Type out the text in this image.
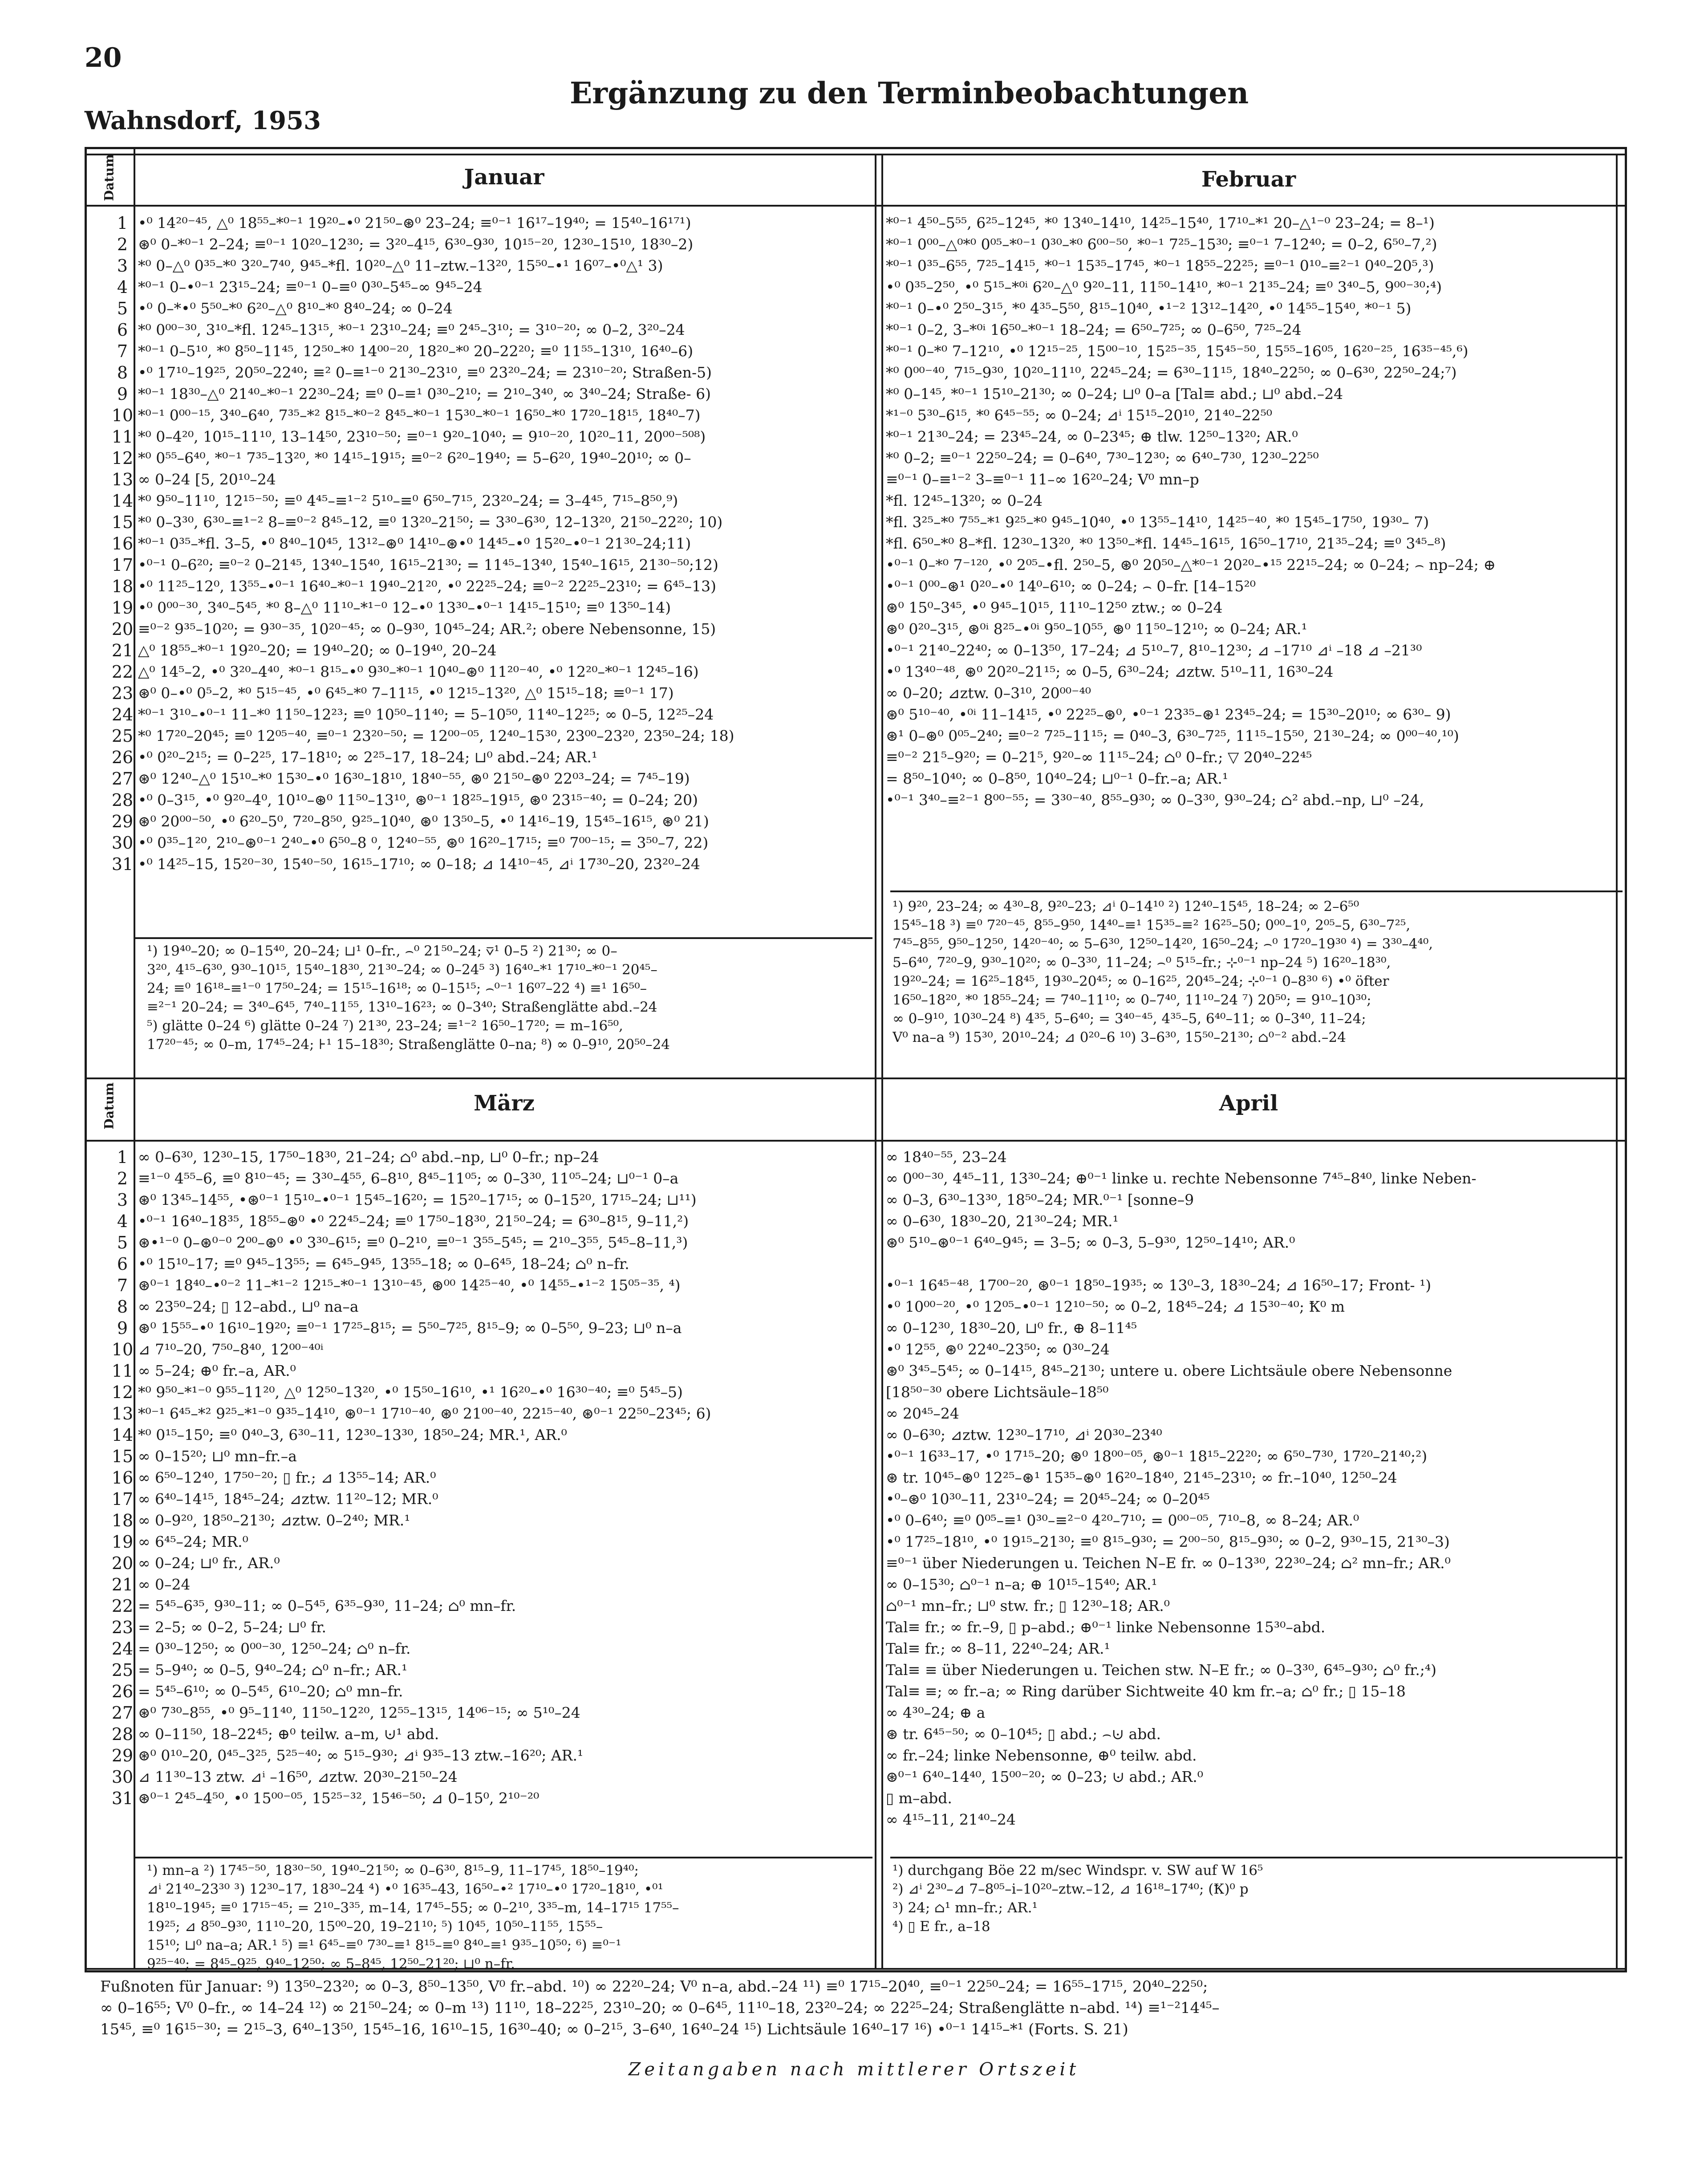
20
Wahnsdorf, 1953
Ergänzung zu den Terminbeobachtungen
Datum
Datum
Januar	Februar
März	April
1
2
3
4
5
6
7
8
9
10
11
12
13
14
15
16
17
18
19
20
21
22
23
24
25
26
27
28
29
30
31
1
2
3
4
5
6
7
8
9
10
11
12
13
14
15
16
17
18
19
20
21
22
23
24
25
26
27
28
29
30
31
•⁰ 14²⁰⁻⁴⁵, △⁰ 18⁵⁵–*⁰⁻¹ 19²⁰–•⁰ 21⁵⁰–⊛⁰ 23–24; ≡⁰⁻¹ 16¹⁷–19⁴⁰; = 15⁴⁰–16¹⁷¹)
⊛⁰ 0–*⁰⁻¹ 2–24; ≡⁰⁻¹ 10²⁰–12³⁰; = 3²⁰–4¹⁵, 6³⁰–9³⁰, 10¹⁵⁻²⁰, 12³⁰–15¹⁰, 18³⁰–2)
*⁰ 0–△⁰ 0³⁵–*⁰ 3²⁰–7⁴⁰, 9⁴⁵–*fl. 10²⁰–△⁰ 11–ztw.–13²⁰, 15⁵⁰–•¹ 16⁰⁷–•⁰△¹ 3)
*⁰⁻¹ 0–•⁰⁻¹ 23¹⁵–24; ≡⁰⁻¹ 0–≡⁰ 0³⁰–5⁴⁵–∞ 9⁴⁵–24
•⁰ 0–*•⁰ 5⁵⁰–*⁰ 6²⁰–△⁰ 8¹⁰–*⁰ 8⁴⁰–24; ∞ 0–24
*⁰ 0⁰⁰⁻³⁰, 3¹⁰–*fl. 12⁴⁵–13¹⁵, *⁰⁻¹ 23¹⁰–24; ≡⁰ 2⁴⁵–3¹⁰; = 3¹⁰⁻²⁰; ∞ 0–2, 3²⁰–24
*⁰⁻¹ 0–5¹⁰, *⁰ 8⁵⁰–11⁴⁵, 12⁵⁰–*⁰ 14⁰⁰⁻²⁰, 18²⁰–*⁰ 20–22²⁰; ≡⁰ 11⁵⁵–13¹⁰, 16⁴⁰–6)
•⁰ 17¹⁰–19²⁵, 20⁵⁰–22⁴⁰; ≡² 0–≡¹⁻⁰ 21³⁰–23¹⁰, ≡⁰ 23²⁰–24; = 23¹⁰⁻²⁰; Straßen-5)
*⁰⁻¹ 18³⁰–△⁰ 21⁴⁰–*⁰⁻¹ 22³⁰–24; ≡⁰ 0–≡¹ 0³⁰–2¹⁰; = 2¹⁰–3⁴⁰, ∞ 3⁴⁰–24; Straße- 6)
*⁰⁻¹ 0⁰⁰⁻¹⁵, 3⁴⁰–6⁴⁰, 7³⁵–*² 8¹⁵–*⁰⁻² 8⁴⁵–*⁰⁻¹ 15³⁰–*⁰⁻¹ 16⁵⁰–*⁰ 17²⁰–18¹⁵, 18⁴⁰–7)
*⁰ 0–4²⁰, 10¹⁵–11¹⁰, 13–14⁵⁰, 23¹⁰⁻⁵⁰; ≡⁰⁻¹ 9²⁰–10⁴⁰; = 9¹⁰⁻²⁰, 10²⁰–11, 20⁰⁰⁻⁵⁰⁸)
*⁰ 0⁵⁵–6⁴⁰, *⁰⁻¹ 7³⁵–13²⁰, *⁰ 14¹⁵–19¹⁵; ≡⁰⁻² 6²⁰–19⁴⁰; = 5–6²⁰, 19⁴⁰–20¹⁰; ∞ 0–
∞ 0–24 [5, 20¹⁰–24
*⁰ 9⁵⁰–11¹⁰, 12¹⁵⁻⁵⁰; ≡⁰ 4⁴⁵–≡¹⁻² 5¹⁰–≡⁰ 6⁵⁰–7¹⁵, 23²⁰–24; = 3–4⁴⁵, 7¹⁵–8⁵⁰,⁹)
*⁰ 0–3³⁰, 6³⁰–≡¹⁻² 8–≡⁰⁻² 8⁴⁵–12, ≡⁰ 13²⁰–21⁵⁰; = 3³⁰–6³⁰, 12–13²⁰, 21⁵⁰–22²⁰; 10)
*⁰⁻¹ 0³⁵–*fl. 3–5, •⁰ 8⁴⁰–10⁴⁵, 13¹²–⊛⁰ 14¹⁰–⊛•⁰ 14⁴⁵–•⁰ 15²⁰–•⁰⁻¹ 21³⁰–24;11)
•⁰⁻¹ 0–6²⁰; ≡⁰⁻² 0–21⁴⁵, 13⁴⁰–15⁴⁰, 16¹⁵–21³⁰; = 11⁴⁵–13⁴⁰, 15⁴⁰–16¹⁵, 21³⁰⁻⁵⁰;12)
•⁰ 11²⁵–12⁰, 13⁵⁵–•⁰⁻¹ 16⁴⁰–*⁰⁻¹ 19⁴⁰–21²⁰, •⁰ 22²⁵–24; ≡⁰⁻² 22²⁵–23¹⁰; = 6⁴⁵–13)
•⁰ 0⁰⁰⁻³⁰, 3⁴⁰–5⁴⁵, *⁰ 8–△⁰ 11¹⁰–*¹⁻⁰ 12–•⁰ 13³⁰–•⁰⁻¹ 14¹⁵–15¹⁰; ≡⁰ 13⁵⁰–14)
≡⁰⁻² 9³⁵–10²⁰; = 9³⁰⁻³⁵, 10²⁰⁻⁴⁵; ∞ 0–9³⁰, 10⁴⁵–24; AR.²; obere Nebensonne, 15)
△⁰ 18⁵⁵–*⁰⁻¹ 19²⁰–20; = 19⁴⁰–20; ∞ 0–19⁴⁰, 20–24
△⁰ 14⁵–2, •⁰ 3²⁰–4⁴⁰, *⁰⁻¹ 8¹⁵–•⁰ 9³⁰–*⁰⁻¹ 10⁴⁰–⊛⁰ 11²⁰⁻⁴⁰, •⁰ 12²⁰–*⁰⁻¹ 12⁴⁵–16)
⊛⁰ 0–•⁰ 0⁵–2, *⁰ 5¹⁵⁻⁴⁵, •⁰ 6⁴⁵–*⁰ 7–11¹⁵, •⁰ 12¹⁵–13²⁰, △⁰ 15¹⁵–18; ≡⁰⁻¹ 17)
*⁰⁻¹ 3¹⁰–•⁰⁻¹ 11–*⁰ 11⁵⁰–12²³; ≡⁰ 10⁵⁰–11⁴⁰; = 5–10⁵⁰, 11⁴⁰–12²⁵; ∞ 0–5, 12²⁵–24
*⁰ 17²⁰–20⁴⁵; ≡⁰ 12⁰⁵⁻⁴⁰, ≡⁰⁻¹ 23²⁰⁻⁵⁰; = 12⁰⁰⁻⁰⁵, 12⁴⁰–15³⁰, 23⁰⁰–23²⁰, 23⁵⁰–24; 18)
•⁰ 0²⁰–2¹⁵; = 0–2²⁵, 17–18¹⁰; ∞ 2²⁵–17, 18–24; ⊔⁰ abd.–24; AR.¹
⊛⁰ 12⁴⁰–△⁰ 15¹⁰–*⁰ 15³⁰–•⁰ 16³⁰–18¹⁰, 18⁴⁰⁻⁵⁵, ⊛⁰ 21⁵⁰–⊛⁰ 22⁰³–24; = 7⁴⁵–19)
•⁰ 0–3¹⁵, •⁰ 9²⁰–4⁰, 10¹⁰–⊛⁰ 11⁵⁰–13¹⁰, ⊛⁰⁻¹ 18²⁵–19¹⁵, ⊛⁰ 23¹⁵⁻⁴⁰; = 0–24; 20)
⊛⁰ 20⁰⁰⁻⁵⁰, •⁰ 6²⁰–5⁰, 7²⁰–8⁵⁰, 9²⁵–10⁴⁰, ⊛⁰ 13⁵⁰–5, •⁰ 14¹⁶–19, 15⁴⁵–16¹⁵, ⊛⁰ 21)
•⁰ 0³⁵–1²⁰, 2¹⁰–⊛⁰⁻¹ 2⁴⁰–•⁰ 6⁵⁰–8 ⁰, 12⁴⁰⁻⁵⁵, ⊛⁰ 16²⁰–17¹⁵; ≡⁰ 7⁰⁰⁻¹⁵; = 3⁵⁰–7, 22)
•⁰ 14²⁵–15, 15²⁰⁻³⁰, 15⁴⁰⁻⁵⁰, 16¹⁵–17¹⁰; ∞ 0–18; ⊿ 14¹⁰⁻⁴⁵, ⊿ⁱ 17³⁰–20, 23²⁰–24
*⁰⁻¹ 4⁵⁰–5⁵⁵, 6²⁵–12⁴⁵, *⁰ 13⁴⁰–14¹⁰, 14²⁵–15⁴⁰, 17¹⁰–*¹ 20–△¹⁻⁰ 23–24; = 8–¹)
*⁰⁻¹ 0⁰⁰–△⁰*⁰ 0⁰⁵–*⁰⁻¹ 0³⁰–*⁰ 6⁰⁰⁻⁵⁰, *⁰⁻¹ 7²⁵–15³⁰; ≡⁰⁻¹ 7–12⁴⁰; = 0–2, 6⁵⁰–7,²)
*⁰⁻¹ 0³⁵–6⁵⁵, 7²⁵–14¹⁵, *⁰⁻¹ 15³⁵–17⁴⁵, *⁰⁻¹ 18⁵⁵–22²⁵; ≡⁰⁻¹ 0¹⁰–≡²⁻¹ 0⁴⁰–20⁵,³)
•⁰ 0³⁵–2⁵⁰, •⁰ 5¹⁵–*⁰ⁱ 6²⁰–△⁰ 9²⁰–11, 11⁵⁰–14¹⁰, *⁰⁻¹ 21³⁵–24; ≡⁰ 3⁴⁰–5, 9⁰⁰⁻³⁰;⁴)
*⁰⁻¹ 0–•⁰ 2⁵⁰–3¹⁵, *⁰ 4³⁵–5⁵⁰, 8¹⁵–10⁴⁰, •¹⁻² 13¹²–14²⁰, •⁰ 14⁵⁵–15⁴⁰, *⁰⁻¹ 5)
*⁰⁻¹ 0–2, 3–*⁰ⁱ 16⁵⁰–*⁰⁻¹ 18–24; = 6⁵⁰–7²⁵; ∞ 0–6⁵⁰, 7²⁵–24
*⁰⁻¹ 0–*⁰ 7–12¹⁰, •⁰ 12¹⁵⁻²⁵, 15⁰⁰⁻¹⁰, 15²⁵⁻³⁵, 15⁴⁵⁻⁵⁰, 15⁵⁵–16⁰⁵, 16²⁰⁻²⁵, 16³⁵⁻⁴⁵,⁶)
*⁰ 0⁰⁰⁻⁴⁰, 7¹⁵–9³⁰, 10²⁰–11¹⁰, 22⁴⁵–24; = 6³⁰–11¹⁵, 18⁴⁰–22⁵⁰; ∞ 0–6³⁰, 22⁵⁰–24;⁷)
*⁰ 0–1⁴⁵, *⁰⁻¹ 15¹⁰–21³⁰; ∞ 0–24; ⊔⁰ 0–a [Tal≡ abd.; ⊔⁰ abd.–24
*¹⁻⁰ 5³⁰–6¹⁵, *⁰ 6⁴⁵⁻⁵⁵; ∞ 0–24; ⊿ⁱ 15¹⁵–20¹⁰, 21⁴⁰–22⁵⁰
*⁰⁻¹ 21³⁰–24; = 23⁴⁵–24, ∞ 0–23⁴⁵; ⊕ tlw. 12⁵⁰–13²⁰; AR.⁰
*⁰ 0–2; ≡⁰⁻¹ 22⁵⁰–24; = 0–6⁴⁰, 7³⁰–12³⁰; ∞ 6⁴⁰–7³⁰, 12³⁰–22⁵⁰
≡⁰⁻¹ 0–≡¹⁻² 3–≡⁰⁻¹ 11–∞ 16²⁰–24; V⁰ mn–p
*fl. 12⁴⁵–13²⁰; ∞ 0–24
*fl. 3²⁵–*⁰ 7⁵⁵–*¹ 9²⁵–*⁰ 9⁴⁵–10⁴⁰, •⁰ 13⁵⁵–14¹⁰, 14²⁵⁻⁴⁰, *⁰ 15⁴⁵–17⁵⁰, 19³⁰– 7)
*fl. 6⁵⁰–*⁰ 8–*fl. 12³⁰–13²⁰, *⁰ 13⁵⁰–*fl. 14⁴⁵–16¹⁵, 16⁵⁰–17¹⁰, 21³⁵–24; ≡⁰ 3⁴⁵–⁸)
•⁰⁻¹ 0–*⁰ 7⁻¹²⁰, •⁰ 2⁰⁵–•fl. 2⁵⁰–5, ⊛⁰ 20⁵⁰–△*⁰⁻¹ 20²⁰–•¹⁵ 22¹⁵–24; ∞ 0–24; ⌢ np–24; ⊕
•⁰⁻¹ 0⁰⁰–⊛¹ 0²⁰–•⁰ 14⁰–6¹⁰; ∞ 0–24; ⌢ 0–fr. [14–15²⁰
⊛⁰ 15⁰–3⁴⁵, •⁰ 9⁴⁵–10¹⁵, 11¹⁰–12⁵⁰ ztw.; ∞ 0–24
⊛⁰ 0²⁰–3¹⁵, ⊛⁰ⁱ 8²⁵–•⁰ⁱ 9⁵⁰–10⁵⁵, ⊛⁰ 11⁵⁰–12¹⁰; ∞ 0–24; AR.¹
•⁰⁻¹ 21⁴⁰–22⁴⁰; ∞ 0–13⁵⁰, 17–24; ⊿ 5¹⁰–7, 8¹⁰–12³⁰; ⊿ –17¹⁰ ⊿ⁱ –18 ⊿ –21³⁰
•⁰ 13⁴⁰⁻⁴⁸, ⊛⁰ 20²⁰–21¹⁵; ∞ 0–5, 6³⁰–24; ⊿ztw. 5¹⁰–11, 16³⁰–24
∞ 0–20; ⊿ztw. 0–3¹⁰, 20⁰⁰⁻⁴⁰
⊛⁰ 5¹⁰⁻⁴⁰, •⁰ⁱ 11–14¹⁵, •⁰ 22²⁵–⊛⁰, •⁰⁻¹ 23³⁵–⊛¹ 23⁴⁵–24; = 15³⁰–20¹⁰; ∞ 6³⁰– 9)
⊛¹ 0–⊛⁰ 0⁰⁵–2⁴⁰; ≡⁰⁻² 7²⁵–11¹⁵; = 0⁴⁰–3, 6³⁰–7²⁵, 11¹⁵–15⁵⁰, 21³⁰–24; ∞ 0⁰⁰⁻⁴⁰,¹⁰)
≡⁰⁻² 21⁵–9²⁰; = 0–21⁵, 9²⁰–∞ 11¹⁵–24; ⌂⁰ 0–fr.; ▽ 20⁴⁰–22⁴⁵
= 8⁵⁰–10⁴⁰; ∞ 0–8⁵⁰, 10⁴⁰–24; ⊔⁰⁻¹ 0–fr.–a; AR.¹
•⁰⁻¹ 3⁴⁰–≡²⁻¹ 8⁰⁰⁻⁵⁵; = 3³⁰⁻⁴⁰, 8⁵⁵–9³⁰; ∞ 0–3³⁰, 9³⁰–24; ⌂² abd.–np, ⊔⁰ –24,
∞ 0–6³⁰, 12³⁰–15, 17⁵⁰–18³⁰, 21–24; ⌂⁰ abd.–np, ⊔⁰ 0–fr.; np–24
≡¹⁻⁰ 4⁵⁵–6, ≡⁰ 8¹⁰⁻⁴⁵; = 3³⁰–4⁵⁵, 6–8¹⁰, 8⁴⁵–11⁰⁵; ∞ 0–3³⁰, 11⁰⁵–24; ⊔⁰⁻¹ 0–a
⊛⁰ 13⁴⁵–14⁵⁵, •⊛⁰⁻¹ 15¹⁰–•⁰⁻¹ 15⁴⁵–16²⁰; = 15²⁰–17¹⁵; ∞ 0–15²⁰, 17¹⁵–24; ⊔¹¹)
•⁰⁻¹ 16⁴⁰–18³⁵, 18⁵⁵–⊛⁰ •⁰ 22⁴⁵–24; ≡⁰ 17⁵⁰–18³⁰, 21⁵⁰–24; = 6³⁰–8¹⁵, 9–11,²)
⊛•¹⁻⁰ 0–⊛⁰⁻⁰ 2⁰⁰–⊛⁰ •⁰ 3³⁰–6¹⁵; ≡⁰ 0–2¹⁰, ≡⁰⁻¹ 3⁵⁵–5⁴⁵; = 2¹⁰–3⁵⁵, 5⁴⁵–8–11,³)
•⁰ 15¹⁰–17; ≡⁰ 9⁴⁵–13⁵⁵; = 6⁴⁵–9⁴⁵, 13⁵⁵–18; ∞ 0–6⁴⁵, 18–24; ⌂⁰ n–fr.
⊛⁰⁻¹ 18⁴⁰–•⁰⁻² 11–*¹⁻² 12¹⁵–*⁰⁻¹ 13¹⁰⁻⁴⁵, ⊛⁰⁰ 14²⁵⁻⁴⁰, •⁰ 14⁵⁵–•¹⁻² 15⁰⁵⁻³⁵, ⁴)
∞ 23⁵⁰–24; ▯ 12–abd., ⊔⁰ na–a
⊛⁰ 15⁵⁵–•⁰ 16¹⁰–19²⁰; ≡⁰⁻¹ 17²⁵–8¹⁵; = 5⁵⁰–7²⁵, 8¹⁵–9; ∞ 0–5⁵⁰, 9–23; ⊔⁰ n–a
⊿ 7¹⁰–20, 7⁵⁰–8⁴⁰, 12⁰⁰⁻⁴⁰ⁱ
∞ 5–24; ⊕⁰ fr.–a, AR.⁰
*⁰ 9⁵⁰–*¹⁻⁰ 9⁵⁵–11²⁰, △⁰ 12⁵⁰–13²⁰, •⁰ 15⁵⁰–16¹⁰, •¹ 16²⁰–•⁰ 16³⁰⁻⁴⁰; ≡⁰ 5⁴⁵–5)
*⁰⁻¹ 6⁴⁵–*² 9²⁵–*¹⁻⁰ 9³⁵–14¹⁰, ⊛⁰⁻¹ 17¹⁰⁻⁴⁰, ⊛⁰ 21⁰⁰⁻⁴⁰, 22¹⁵⁻⁴⁰, ⊛⁰⁻¹ 22⁵⁰–23⁴⁵; 6)
*⁰ 0¹⁵–15⁰; ≡⁰ 0⁴⁰–3, 6³⁰–11, 12³⁰–13³⁰, 18⁵⁰–24; MR.¹, AR.⁰
∞ 0–15²⁰; ⊔⁰ mn–fr.–a
∞ 6⁵⁰–12⁴⁰, 17⁵⁰⁻²⁰; ▯ fr.; ⊿ 13⁵⁵–14; AR.⁰
∞ 6⁴⁰–14¹⁵, 18⁴⁵–24; ⊿ztw. 11²⁰–12; MR.⁰
∞ 0–9²⁰, 18⁵⁰–21³⁰; ⊿ztw. 0–2⁴⁰; MR.¹
∞ 6⁴⁵–24; MR.⁰
∞ 0–24; ⊔⁰ fr., AR.⁰
∞ 0–24
= 5⁴⁵–6³⁵, 9³⁰–11; ∞ 0–5⁴⁵, 6³⁵–9³⁰, 11–24; ⌂⁰ mn–fr.
= 2–5; ∞ 0–2, 5–24; ⊔⁰ fr.
= 0³⁰–12⁵⁰; ∞ 0⁰⁰⁻³⁰, 12⁵⁰–24; ⌂⁰ n–fr.
= 5–9⁴⁰; ∞ 0–5, 9⁴⁰–24; ⌂⁰ n–fr.; AR.¹
= 5⁴⁵–6¹⁰; ∞ 0–5⁴⁵, 6¹⁰–20; ⌂⁰ mn–fr.
⊛⁰ 7³⁰–8⁵⁵, •⁰ 9⁵–11⁴⁰, 11⁵⁰–12²⁰, 12⁵⁵–13¹⁵, 14⁰⁶⁻¹⁵; ∞ 5¹⁰–24
∞ 0–11⁵⁰, 18–22⁴⁵; ⊕⁰ teilw. a–m, ⊍¹ abd.
⊛⁰ 0¹⁰–20, 0⁴⁵–3²⁵, 5²⁵⁻⁴⁰; ∞ 5¹⁵–9³⁰; ⊿ⁱ 9³⁵–13 ztw.–16²⁰; AR.¹
⊿ 11³⁰–13 ztw. ⊿ⁱ –16⁵⁰, ⊿ztw. 20³⁰–21⁵⁰–24
⊛⁰⁻¹ 2⁴⁵–4⁵⁰, •⁰ 15⁰⁰⁻⁰⁵, 15²⁵⁻³², 15⁴⁶⁻⁵⁰; ⊿ 0–15⁰, 2¹⁰⁻²⁰
∞ 18⁴⁰⁻⁵⁵, 23–24
∞ 0⁰⁰⁻³⁰, 4⁴⁵–11, 13³⁰–24; ⊕⁰⁻¹ linke u. rechte Nebensonne 7⁴⁵–8⁴⁰, linke Neben-
∞ 0–3, 6³⁰–13³⁰, 18⁵⁰–24; MR.⁰⁻¹ [sonne–9
∞ 0–6³⁰, 18³⁰–20, 21³⁰–24; MR.¹
⊛⁰ 5¹⁰–⊛⁰⁻¹ 6⁴⁰–9⁴⁵; = 3–5; ∞ 0–3, 5–9³⁰, 12⁵⁰–14¹⁰; AR.⁰
•⁰⁻¹ 16⁴⁵⁻⁴⁸, 17⁰⁰⁻²⁰, ⊛⁰⁻¹ 18⁵⁰–19³⁵; ∞ 13⁰–3, 18³⁰–24; ⊿ 16⁵⁰–17; Front- ¹)
•⁰ 10⁰⁰⁻²⁰, •⁰ 12⁰⁵–•⁰⁻¹ 12¹⁰⁻⁵⁰; ∞ 0–2, 18⁴⁵–24; ⊿ 15³⁰⁻⁴⁰; Ꝁ⁰ m
∞ 0–12³⁰, 18³⁰–20, ⊔⁰ fr., ⊕ 8–11⁴⁵
•⁰ 12⁵⁵, ⊛⁰ 22⁴⁰–23⁵⁰; ∞ 0³⁰–24
⊛⁰ 3⁴⁵–5⁴⁵; ∞ 0–14¹⁵, 8⁴⁵–21³⁰; untere u. obere Lichtsäule obere Nebensonne
[18⁵⁰⁻³⁰ obere Lichtsäule–18⁵⁰
∞ 20⁴⁵–24
∞ 0–6³⁰; ⊿ztw. 12³⁰–17¹⁰, ⊿ⁱ 20³⁰–23⁴⁰
•⁰⁻¹ 16³³–17, •⁰ 17¹⁵–20; ⊛⁰ 18⁰⁰⁻⁰⁵, ⊛⁰⁻¹ 18¹⁵–22²⁰; ∞ 6⁵⁰–7³⁰, 17²⁰–21⁴⁰;²)
⊛ tr. 10⁴⁵–⊛⁰ 12²⁵–⊛¹ 15³⁵–⊛⁰ 16²⁰–18⁴⁰, 21⁴⁵–23¹⁰; ∞ fr.–10⁴⁰, 12⁵⁰–24
•⁰–⊛⁰ 10³⁰–11, 23¹⁰–24; = 20⁴⁵–24; ∞ 0–20⁴⁵
•⁰ 0–6⁴⁰; ≡⁰ 0⁰⁵–≡¹ 0³⁰–≡²⁻⁰ 4²⁰–7¹⁰; = 0⁰⁰⁻⁰⁵, 7¹⁰–8, ∞ 8–24; AR.⁰
•⁰ 17²⁵–18¹⁰, •⁰ 19¹⁵–21³⁰; ≡⁰ 8¹⁵–9³⁰; = 2⁰⁰⁻⁵⁰, 8¹⁵–9³⁰; ∞ 0–2, 9³⁰–15, 21³⁰–3)
≡⁰⁻¹ über Niederungen u. Teichen N–E fr. ∞ 0–13³⁰, 22³⁰–24; ⌂² mn–fr.; AR.⁰
∞ 0–15³⁰; ⌂⁰⁻¹ n–a; ⊕ 10¹⁵–15⁴⁰; AR.¹
⌂⁰⁻¹ mn–fr.; ⊔⁰ stw. fr.; ▯ 12³⁰–18; AR.⁰
Tal≡ fr.; ∞ fr.–9, ▯ p–abd.; ⊕⁰⁻¹ linke Nebensonne 15³⁰–abd.
Tal≡ fr.; ∞ 8–11, 22⁴⁰–24; AR.¹
Tal≡ ≡ über Niederungen u. Teichen stw. N–E fr.; ∞ 0–3³⁰, 6⁴⁵–9³⁰; ⌂⁰ fr.;⁴)
Tal≡ ≡; ∞ fr.–a; ∞ Ring darüber Sichtweite 40 km fr.–a; ⌂⁰ fr.; ▯ 15–18
∞ 4³⁰–24; ⊕ a
⊛ tr. 6⁴⁵⁻⁵⁰; ∞ 0–10⁴⁵; ▯ abd.; ⌢⊍ abd.
∞ fr.–24; linke Nebensonne, ⊕⁰ teilw. abd.
⊛⁰⁻¹ 6⁴⁰–14⁴⁰, 15⁰⁰⁻²⁰; ∞ 0–23; ⊍ abd.; AR.⁰
▯ m–abd.
∞ 4¹⁵–11, 21⁴⁰–24
¹) 19⁴⁰–20; ∞ 0–15⁴⁰, 20–24; ⊔¹ 0–fr., ⌢⁰ 21⁵⁰–24; ⊽¹ 0–5 ²) 21³⁰; ∞ 0–
3²⁰, 4¹⁵–6³⁰, 9³⁰–10¹⁵, 15⁴⁰–18³⁰, 21³⁰–24; ∞ 0–24⁵ ³) 16⁴⁰–*¹ 17¹⁰–*⁰⁻¹ 20⁴⁵–
24; ≡⁰ 16¹⁸–≡¹⁻⁰ 17⁵⁰–24; = 15¹⁵–16¹⁸; ∞ 0–15¹⁵; ⌢⁰⁻¹ 16⁰⁷–22 ⁴) ≡¹ 16⁵⁰–
≡²⁻¹ 20–24; = 3⁴⁰–6⁴⁵, 7⁴⁰–11⁵⁵, 13¹⁰–16²³; ∞ 0–3⁴⁰; Straßenglätte abd.–24
⁵) glätte 0–24 ⁶) glätte 0–24 ⁷) 21³⁰, 23–24; ≡¹⁻² 16⁵⁰–17²⁰; = m–16⁵⁰,
17²⁰⁻⁴⁵; ∞ 0–m, 17⁴⁵–24; ⊦¹ 15–18³⁰; Straßenglätte 0–na; ⁸) ∞ 0–9¹⁰, 20⁵⁰–24
¹) 9²⁰, 23–24; ∞ 4³⁰–8, 9²⁰–23; ⊿ⁱ 0–14¹⁰ ²) 12⁴⁰–15⁴⁵, 18–24; ∞ 2–6⁵⁰
15⁴⁵–18 ³) ≡⁰ 7²⁰⁻⁴⁵, 8⁵⁵–9⁵⁰, 14⁴⁰–≡¹ 15³⁵–≡² 16²⁵–50; 0⁰⁰–1⁰, 2⁰⁵–5, 6³⁰–7²⁵,
7⁴⁵–8⁵⁵, 9⁵⁰–12⁵⁰, 14²⁰⁻⁴⁰; ∞ 5–6³⁰, 12⁵⁰–14²⁰, 16⁵⁰–24; ⌢⁰ 17²⁰–19³⁰ ⁴) = 3³⁰–4⁴⁰,
5–6⁴⁰, 7²⁰–9, 9³⁰–10²⁰; ∞ 0–3³⁰, 11–24; ⌢⁰ 5¹⁵–fr.; ⊹⁰⁻¹ np–24 ⁵) 16²⁰–18³⁰,
19²⁰–24; = 16²⁵–18⁴⁵, 19³⁰–20⁴⁵; ∞ 0–16²⁵, 20⁴⁵–24; ⊹⁰⁻¹ 0–8³⁰ ⁶) •⁰ öfter
16⁵⁰–18²⁰, *⁰ 18⁵⁵–24; = 7⁴⁰–11¹⁰; ∞ 0–7⁴⁰, 11¹⁰–24 ⁷) 20⁵⁰; = 9¹⁰–10³⁰;
∞ 0–9¹⁰, 10³⁰–24 ⁸) 4³⁵, 5–6⁴⁰; = 3⁴⁰⁻⁴⁵, 4³⁵–5, 6⁴⁰–11; ∞ 0–3⁴⁰, 11–24;
V⁰ na–a ⁹) 15³⁰, 20¹⁰–24; ⊿ 0²⁰–6 ¹⁰) 3–6³⁰, 15⁵⁰–21³⁰; ⌂⁰⁻² abd.–24
¹) mn–a ²) 17⁴⁵⁻⁵⁰, 18³⁰⁻⁵⁰, 19⁴⁰–21⁵⁰; ∞ 0–6³⁰, 8¹⁵–9, 11–17⁴⁵, 18⁵⁰–19⁴⁰;
⊿ⁱ 21⁴⁰–23³⁰ ³) 12³⁰–17, 18³⁰–24 ⁴) •⁰ 16³⁵–43, 16⁵⁰–•² 17¹⁰–•⁰ 17²⁰–18¹⁰, •⁰¹
18¹⁰–19⁴⁵; ≡⁰ 17¹⁵⁻⁴⁵; = 2¹⁰–3³⁵, m–14, 17⁴⁵–55; ∞ 0–2¹⁰, 3³⁵–m, 14–17¹⁵ 17⁵⁵–
19²⁵; ⊿ 8⁵⁰–9³⁰, 11¹⁰–20, 15⁰⁰–20, 19–21¹⁰; ⁵) 10⁴⁵, 10⁵⁰–11⁵⁵, 15⁵⁵–
15¹⁰; ⊔⁰ na–a; AR.¹ ⁵) ≡¹ 6⁴⁵–≡⁰ 7³⁰–≡¹ 8¹⁵–≡⁰ 8⁴⁰–≡¹ 9³⁵–10⁵⁰; ⁶) ≡⁰⁻¹
9²⁵⁻⁴⁰; = 8⁴⁵–9²⁵, 9⁴⁰–12⁵⁰; ∞ 5–8⁴⁵, 12⁵⁰–21²⁰; ⊔⁰ n–fr.
¹) durchgang Böe 22 m/sec Windspr. v. SW auf W 16⁵
²) ⊿ⁱ 2³⁰–⊿ 7–8⁰⁵–i–10²⁰–ztw.–12, ⊿ 16¹⁸–17⁴⁰; (Ꝁ)⁰ p
³) 24; ⌂¹ mn–fr.; AR.¹
⁴) ▯ E fr., a–18
Fußnoten für Januar: ⁹) 13⁵⁰–23²⁰; ∞ 0–3, 8⁵⁰–13⁵⁰, V⁰ fr.–abd. ¹⁰) ∞ 22²⁰–24; V⁰ n–a, abd.–24 ¹¹) ≡⁰ 17¹⁵–20⁴⁰, ≡⁰⁻¹ 22⁵⁰–24; = 16⁵⁵–17¹⁵, 20⁴⁰–22⁵⁰;
∞ 0–16⁵⁵; V⁰ 0–fr., ∞ 14–24 ¹²) ∞ 21⁵⁰–24; ∞ 0–m ¹³) 11¹⁰, 18–22²⁵, 23¹⁰–20; ∞ 0–6⁴⁵, 11¹⁰–18, 23²⁰–24; ∞ 22²⁵–24; Straßenglätte n–abd. ¹⁴) ≡¹⁻²14⁴⁵–
15⁴⁵, ≡⁰ 16¹⁵⁻³⁰; = 2¹⁵–3, 6⁴⁰–13⁵⁰, 15⁴⁵–16, 16¹⁰–15, 16³⁰–40; ∞ 0–2¹⁵, 3–6⁴⁰, 16⁴⁰–24 ¹⁵) Lichtsäule 16⁴⁰–17 ¹⁶) •⁰⁻¹ 14¹⁵–*¹ (Forts. S. 21)
Zeitangaben nach mittlerer Ortszeit
